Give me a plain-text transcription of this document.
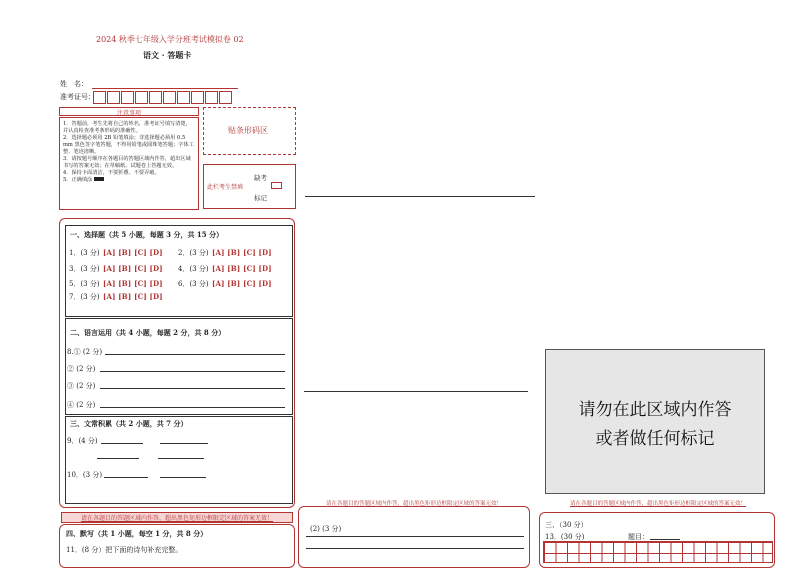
2024 秋季七年级入学分班考试模拟卷 02
语文 · 答题卡
姓　名：
准考证号：
注意事项
1．答题前，考生先将自己的姓名，准考证号填写清楚，并认真检查准考条形码的准确性。
2．选择题必须用 2B 铅笔填涂；非选择题必须用 0.5 mm 黑色签字笔答题，不得用铅笔或圆珠笔答题；字体工整、笔迹清晰。
3．请按题号顺序在各题目的答题区域内作答，超出区域书写的答案无效；在草稿纸、试题卷上答题无效。
4．保持卡面清洁，不要折叠、不要弄破。
5．正确填涂
贴条形码区
缺考
此栏考生禁填
标记
一、选择题（共 5 小题，每题 3 分，共 15 分）
1．(3 分) [A] [B] [C] [D] 2．(3 分) [A] [B] [C] [D]
3．(3 分) [A] [B] [C] [D] 4．(3 分) [A] [B] [C] [D]
5．(3 分) [A] [B] [C] [D] 6．(3 分) [A] [B] [C] [D]
7．(3 分) [A] [B] [C] [D]
二、语言运用（共 4 小题，每题 2 分，共 8 分）
8.① (2 分)
② (2 分)
③ (2 分)
④ (2 分)
三、文常积累（共 2 小题，共 7 分）
9．(4 分)
10．(3 分)
请在各题目的答题区域内作答，超出黑色矩形边框限定区域的答案无效！
请在各题目的答题区域内作答，超出黑色矩形边框限定区域的答案无效！	请在各题目的答题区域内作答，超出黑色矩形边框限定区域的答案无效！
四、默写（共 1 小题，每空 1 分，共 8 分）
11．(8 分）把下面的诗句补充完整。
(2) (3 分)
请勿在此区域内作答
或者做任何标记
三、（30 分）
13．(30 分)	题目：
